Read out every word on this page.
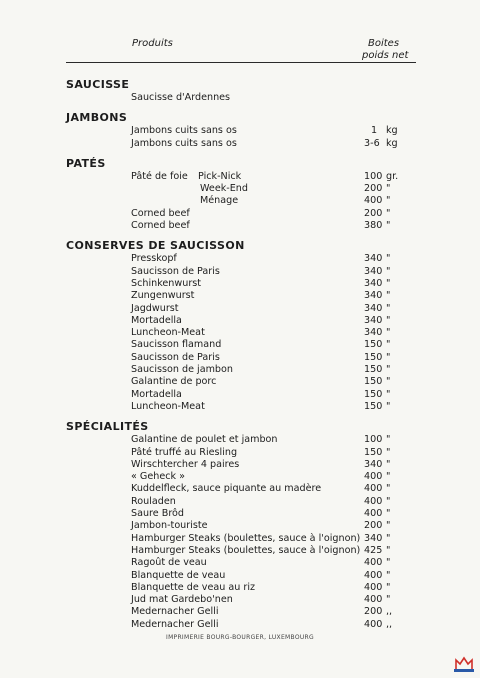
Produits	Boites
poids net
SAUCISSE
Saucisse d'Ardennes
JAMBONS
Jambons cuits sans os	1 kg
Jambons cuits sans os	3-6 kg
PATÉS
Pâté de foie Pick-Nick	100 gr.
Week-End	200 "
Ménage	400 "
Corned beef	200 "
Corned beef	380 "
CONSERVES DE SAUCISSON
Presskopf	340 "
Saucisson de Paris	340 "
Schinkenwurst	340 "
Zungenwurst	340 "
Jagdwurst	340 "
Mortadella	340 "
Luncheon-Meat	340 "
Saucisson flamand	150 "
Saucisson de Paris	150 "
Saucisson de jambon	150 "
Galantine de porc	150 "
Mortadella	150 "
Luncheon-Meat	150 "
SPÉCIALITÉS
Galantine de poulet et jambon	100 "
Pâté truffé au Riesling	150 "
Wirschtercher 4 paires	340 "
« Geheck »	400 "
Kuddelfleck, sauce piquante au madère	400 "
Rouladen	400 "
Saure Brôd	400 "
Jambon-touriste	200 "
Hamburger Steaks (boulettes, sauce à l'oignon) 340 "
Hamburger Steaks (boulettes, sauce à l'oignon) 425 "
Ragoût de veau	400 "
Blanquette de veau	400 "
Blanquette de veau au riz	400 "
Jud mat Gardebo'nen	400 "
Medernacher Gelli	200 ,,
Medernacher Gelli	400 ,,
IMPRIMERIE BOURG-BOURGER, LUXEMBOURG
